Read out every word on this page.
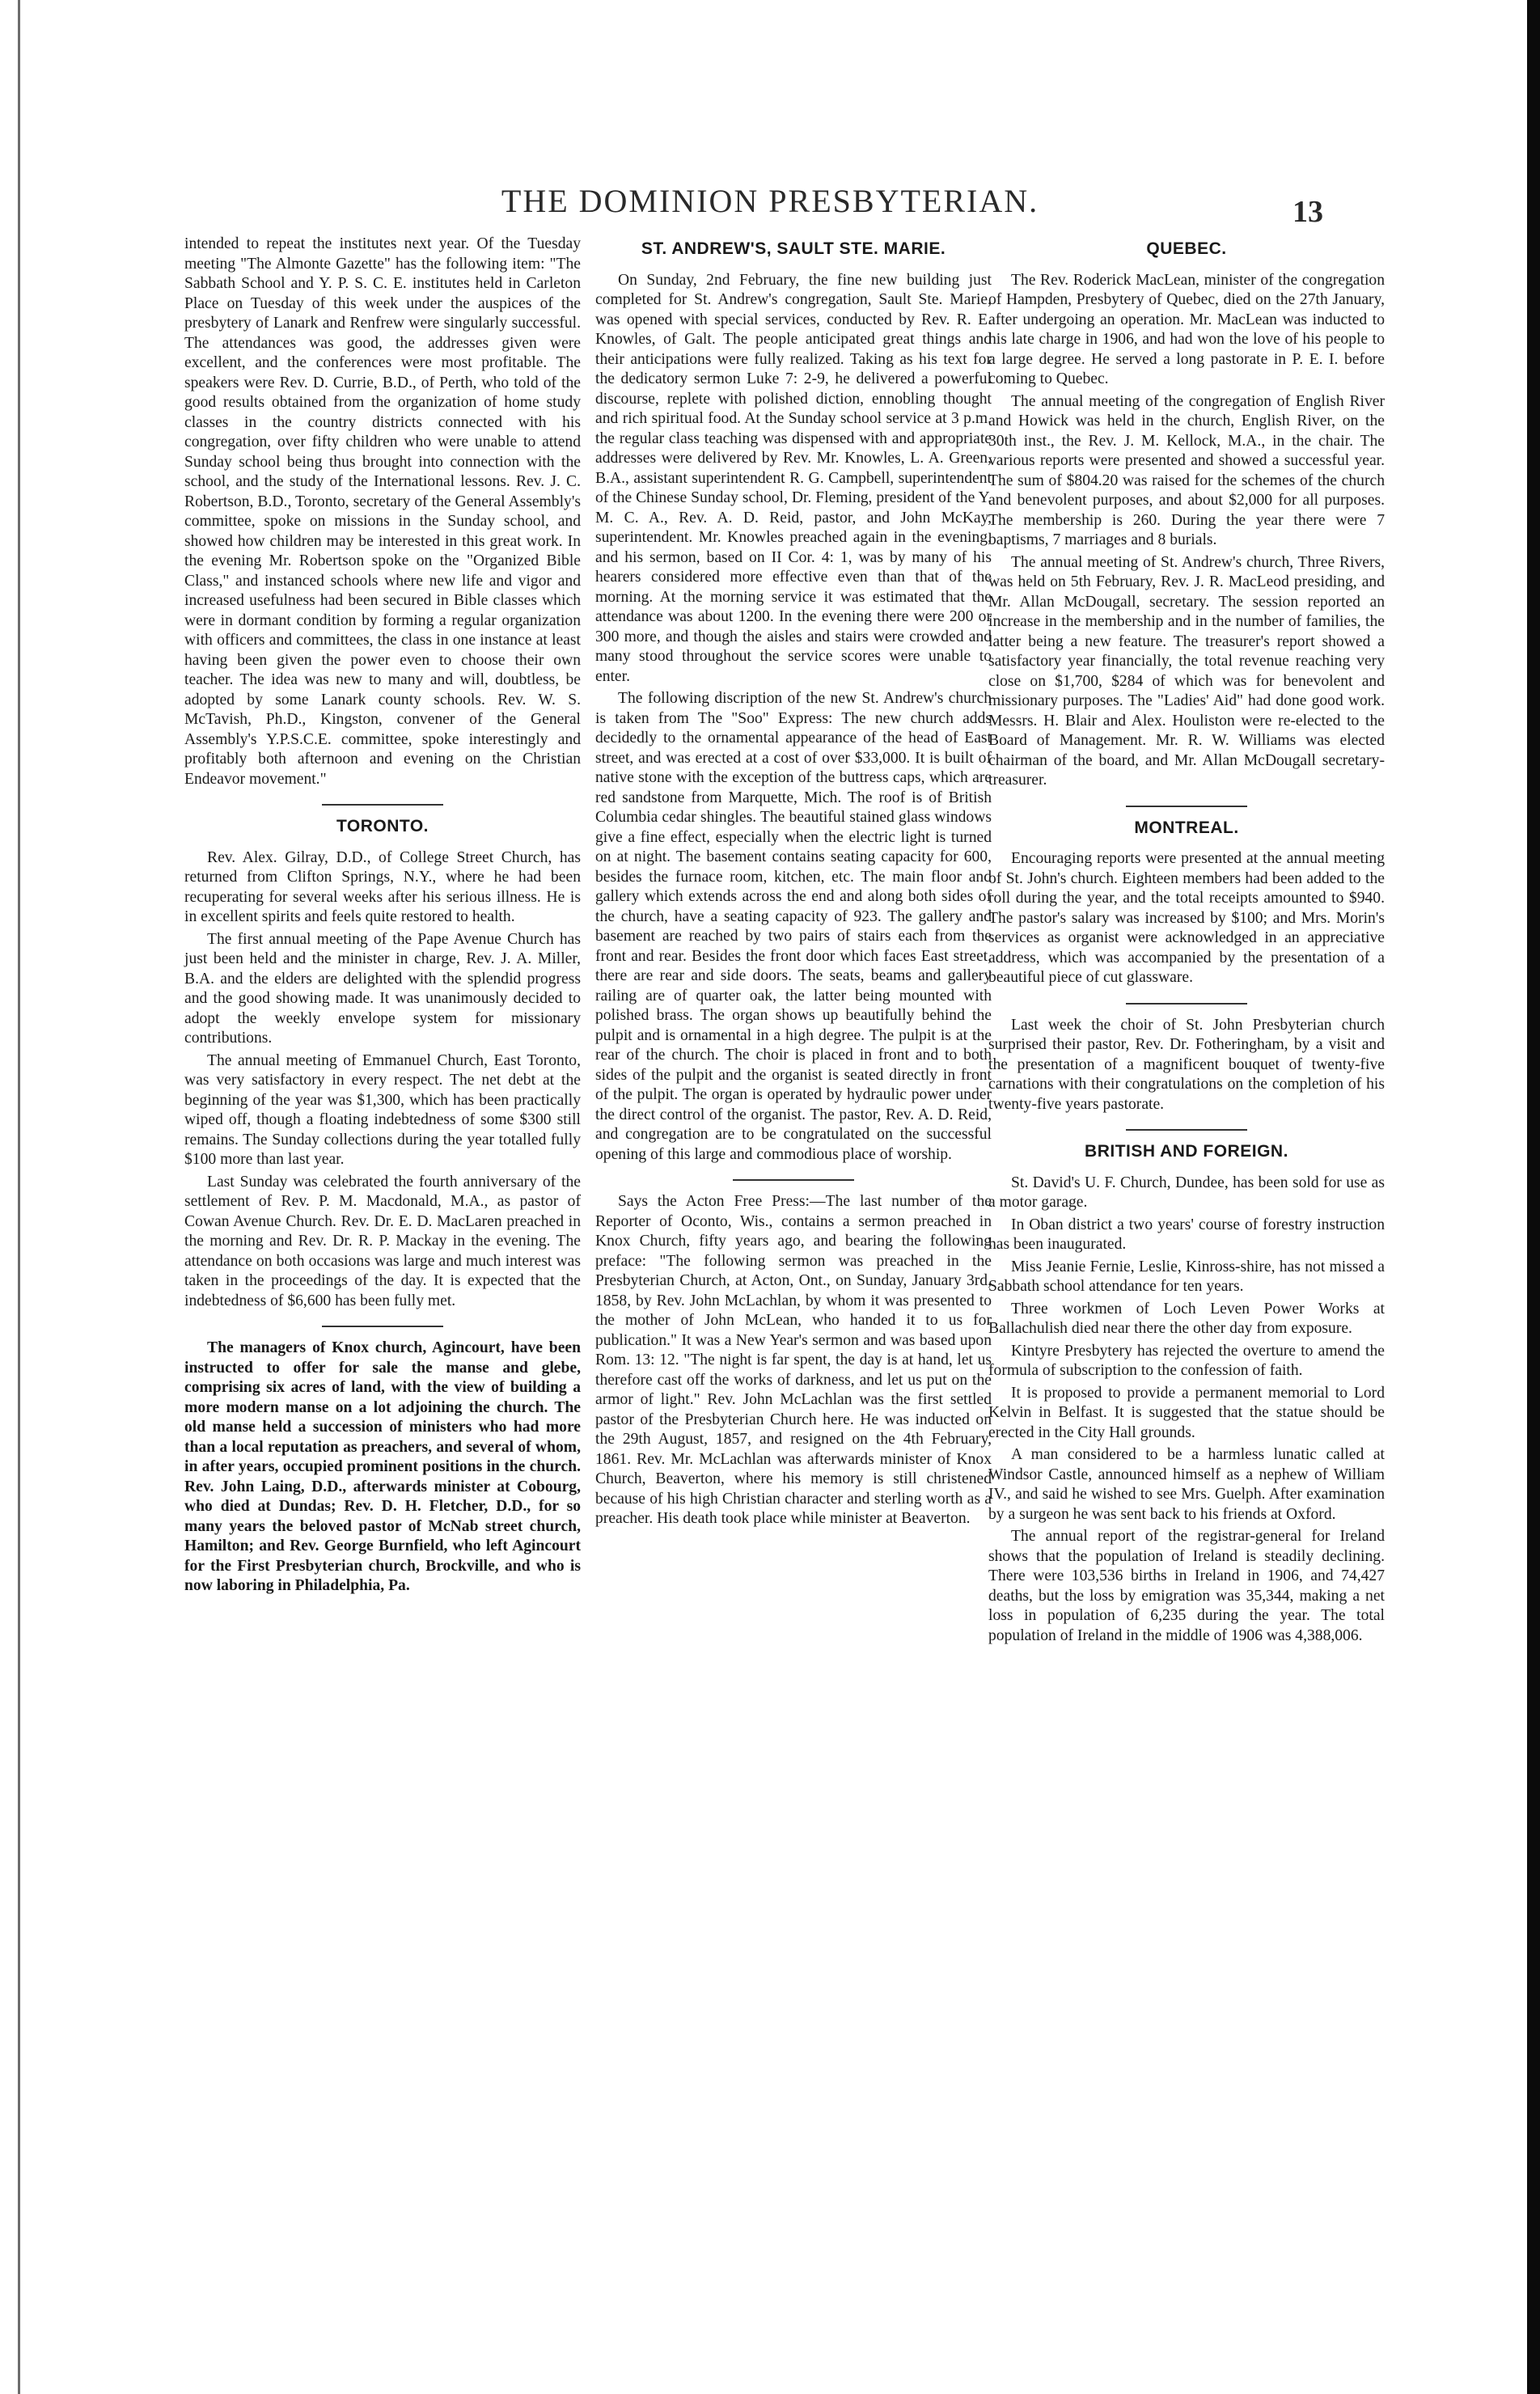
THE DOMINION PRESBYTERIAN.	13

intended to repeat the institutes next year. Of the Tuesday meeting "The Almonte Gazette" has the following item: "The Sabbath School and Y. P. S. C. E. institutes held in Carleton Place on Tuesday of this week under the auspices of the presbytery of Lanark and Renfrew were singularly successful. The attendances was good, the addresses given were excellent, and the conferences were most profitable. The speakers were Rev. D. Currie, B.D., of Perth, who told of the good results obtained from the organization of home study classes in the country districts connected with his congregation, over fifty children who were unable to attend Sunday school being thus brought into connection with the school, and the study of the International lessons. Rev. J. C. Robertson, B.D., Toronto, secretary of the General Assembly's committee, spoke on missions in the Sunday school, and showed how children may be interested in this great work. In the evening Mr. Robertson spoke on the "Organized Bible Class," and instanced schools where new life and vigor and increased usefulness had been secured in Bible classes which were in dormant condition by forming a regular organization with officers and committees, the class in one instance at least having been given the power even to choose their own teacher. The idea was new to many and will, doubtless, be adopted by some Lanark county schools. Rev. W. S. McTavish, Ph.D., Kingston, convener of the General Assembly's Y.P.S.C.E. committee, spoke interestingly and profitably both afternoon and evening on the Christian Endeavor movement."

TORONTO.

Rev. Alex. Gilray, D.D., of College Street Church, has returned from Clifton Springs, N.Y., where he had been recuperating for several weeks after his serious illness. He is in excellent spirits and feels quite restored to health.

The first annual meeting of the Pape Avenue Church has just been held and the minister in charge, Rev. J. A. Miller, B.A. and the elders are delighted with the splendid progress and the good showing made. It was unanimously decided to adopt the weekly envelope system for missionary contributions.

The annual meeting of Emmanuel Church, East Toronto, was very satisfactory in every respect. The net debt at the beginning of the year was $1,300, which has been practically wiped off, though a floating indebtedness of some $300 still remains. The Sunday collections during the year totalled fully $100 more than last year.

Last Sunday was celebrated the fourth anniversary of the settlement of Rev. P. M. Macdonald, M.A., as pastor of Cowan Avenue Church. Rev. Dr. E. D. MacLaren preached in the morning and Rev. Dr. R. P. Mackay in the evening. The attendance on both occasions was large and much interest was taken in the proceedings of the day. It is expected that the indebtedness of $6,600 has been fully met.

The managers of Knox church, Agincourt, have been instructed to offer for sale the manse and glebe, comprising six acres of land, with the view of building a more modern manse on a lot adjoining the church. The old manse held a succession of ministers who had more than a local reputation as preachers, and several of whom, in after years, occupied prominent positions in the church. Rev. John Laing, D.D., afterwards minister at Cobourg, who died at Dundas; Rev. D. H. Fletcher, D.D., for so many years the beloved pastor of McNab street church, Hamilton; and Rev. George Burnfield, who left Agincourt for the First Presbyterian church, Brockville, and who is now laboring in Philadelphia, Pa.

ST. ANDREW'S, SAULT STE. MARIE.

On Sunday, 2nd February, the fine new building just completed for St. Andrew's congregation, Sault Ste. Marie, was opened with special services, conducted by Rev. R. E. Knowles, of Galt. The people anticipated great things and their anticipations were fully realized. Taking as his text for the dedicatory sermon Luke 7: 2-9, he delivered a powerful discourse, replete with polished diction, ennobling thought and rich spiritual food. At the Sunday school service at 3 p.m. the regular class teaching was dispensed with and appropriate addresses were delivered by Rev. Mr. Knowles, L. A. Green, B.A., assistant superintendent R. G. Campbell, superintendent of the Chinese Sunday school, Dr. Fleming, president of the Y. M. C. A., Rev. A. D. Reid, pastor, and John McKay, superintendent. Mr. Knowles preached again in the evening, and his sermon, based on II Cor. 4: 1, was by many of his hearers considered more effective even than that of the morning. At the morning service it was estimated that the attendance was about 1200. In the evening there were 200 or 300 more, and though the aisles and stairs were crowded and many stood throughout the service scores were unable to enter.

The following discription of the new St. Andrew's church is taken from The "Soo" Express: The new church adds decidedly to the ornamental appearance of the head of East street, and was erected at a cost of over $33,000. It is built of native stone with the exception of the buttress caps, which are red sandstone from Marquette, Mich. The roof is of British Columbia cedar shingles. The beautiful stained glass windows give a fine effect, especially when the electric light is turned on at night. The basement contains seating capacity for 600, besides the furnace room, kitchen, etc. The main floor and gallery which extends across the end and along both sides of the church, have a seating capacity of 923. The gallery and basement are reached by two pairs of stairs each from the front and rear. Besides the front door which faces East street, there are rear and side doors. The seats, beams and gallery railing are of quarter oak, the latter being mounted with polished brass. The organ shows up beautifully behind the pulpit and is ornamental in a high degree. The pulpit is at the rear of the church. The choir is placed in front and to both sides of the pulpit and the organist is seated directly in front of the pulpit. The organ is operated by hydraulic power under the direct control of the organist. The pastor, Rev. A. D. Reid, and congregation are to be congratulated on the successful opening of this large and commodious place of worship.

Says the Acton Free Press:—The last number of the Reporter of Oconto, Wis., contains a sermon preached in Knox Church, fifty years ago, and bearing the following preface: "The following sermon was preached in the Presbyterian Church, at Acton, Ont., on Sunday, January 3rd, 1858, by Rev. John McLachlan, by whom it was presented to the mother of John McLean, who handed it to us for publication." It was a New Year's sermon and was based upon Rom. 13: 12. "The night is far spent, the day is at hand, let us therefore cast off the works of darkness, and let us put on the armor of light." Rev. John McLachlan was the first settled pastor of the Presbyterian Church here. He was inducted on the 29th August, 1857, and resigned on the 4th February, 1861. Rev. Mr. McLachlan was afterwards minister of Knox Church, Beaverton, where his memory is still christened because of his high Christian character and sterling worth as a preacher. His death took place while minister at Beaverton.

QUEBEC.

The Rev. Roderick MacLean, minister of the congregation of Hampden, Presbytery of Quebec, died on the 27th January, after undergoing an operation. Mr. MacLean was inducted to his late charge in 1906, and had won the love of his people to a large degree. He served a long pastorate in P. E. I. before coming to Quebec.

The annual meeting of the congregation of English River and Howick was held in the church, English River, on the 30th inst., the Rev. J. M. Kellock, M.A., in the chair. The various reports were presented and showed a successful year. The sum of $804.20 was raised for the schemes of the church and benevolent purposes, and about $2,000 for all purposes. The membership is 260. During the year there were 7 baptisms, 7 marriages and 8 burials.

The annual meeting of St. Andrew's church, Three Rivers, was held on 5th February, Rev. J. R. MacLeod presiding, and Mr. Allan McDougall, secretary. The session reported an increase in the membership and in the number of families, the latter being a new feature. The treasurer's report showed a satisfactory year financially, the total revenue reaching very close on $1,700, $284 of which was for benevolent and missionary purposes. The "Ladies' Aid" had done good work. Messrs. H. Blair and Alex. Houliston were re-elected to the Board of Management. Mr. R. W. Williams was elected chairman of the board, and Mr. Allan McDougall secretary-treasurer.

MONTREAL.

Encouraging reports were presented at the annual meeting of St. John's church. Eighteen members had been added to the roll during the year, and the total receipts amounted to $940. The pastor's salary was increased by $100; and Mrs. Morin's services as organist were acknowledged in an appreciative address, which was accompanied by the presentation of a beautiful piece of cut glassware.

Last week the choir of St. John Presbyterian church surprised their pastor, Rev. Dr. Fotheringham, by a visit and the presentation of a magnificent bouquet of twenty-five carnations with their congratulations on the completion of his twenty-five years pastorate.

BRITISH AND FOREIGN.

St. David's U. F. Church, Dundee, has been sold for use as a motor garage.

In Oban district a two years' course of forestry instruction has been inaugurated.

Miss Jeanie Fernie, Leslie, Kinross-shire, has not missed a Sabbath school attendance for ten years.

Three workmen of Loch Leven Power Works at Ballachulish died near there the other day from exposure.

Kintyre Presbytery has rejected the overture to amend the formula of subscription to the confession of faith.

It is proposed to provide a permanent memorial to Lord Kelvin in Belfast. It is suggested that the statue should be erected in the City Hall grounds.

A man considered to be a harmless lunatic called at Windsor Castle, announced himself as a nephew of William IV., and said he wished to see Mrs. Guelph. After examination by a surgeon he was sent back to his friends at Oxford.

The annual report of the registrar-general for Ireland shows that the population of Ireland is steadily declining. There were 103,536 births in Ireland in 1906, and 74,427 deaths, but the loss by emigration was 35,344, making a net loss in population of 6,235 during the year. The total population of Ireland in the middle of 1906 was 4,388,006.
